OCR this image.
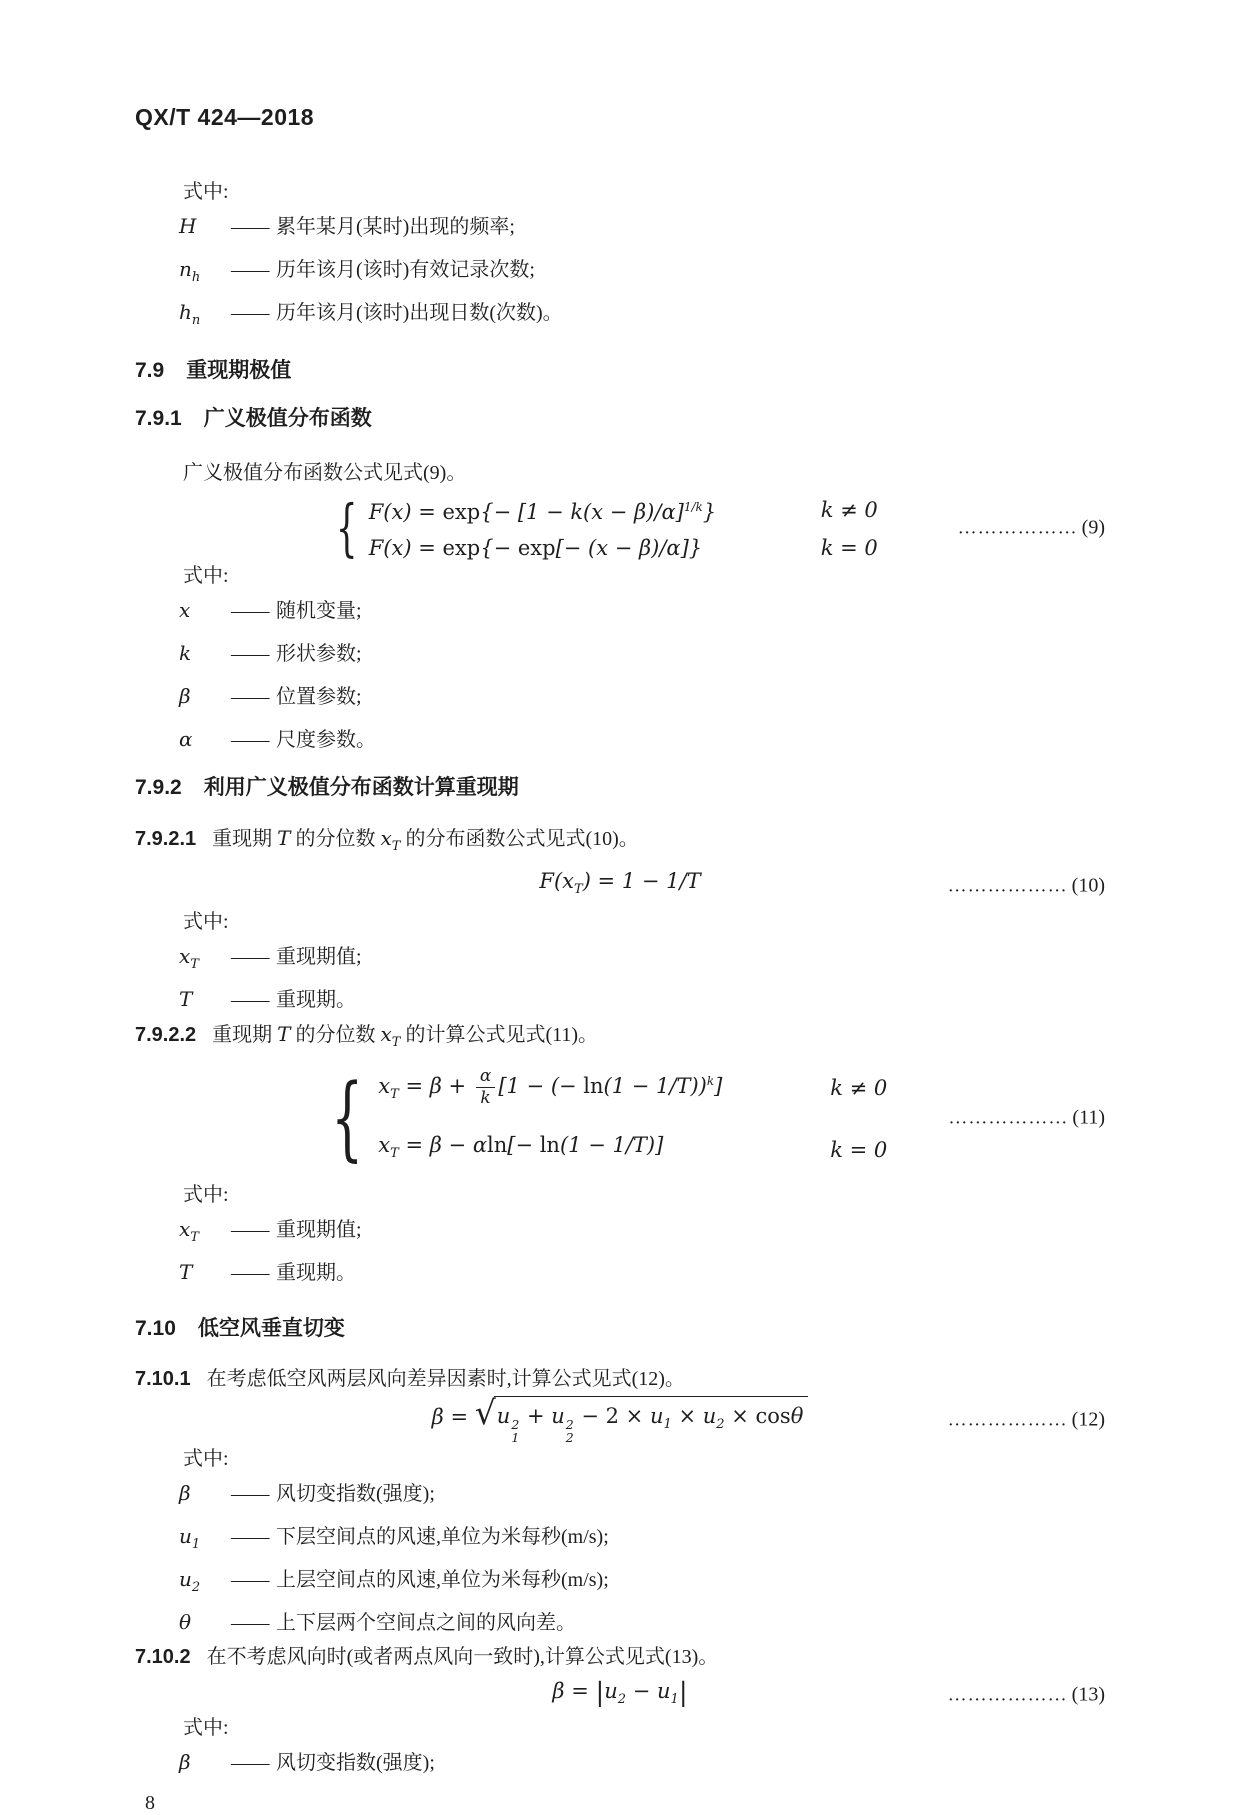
QX/T 424—2018
式中:
H	—— 累年某月(某时)出现的频率;
$n_h$	—— 历年该月(该时)有效记录次数;
$h_n$	—— 历年该月(该时)出现日数(次数)。
7.9 重现期极值
7.9.1 广义极值分布函数
广义极值分布函数公式见式(9)。
{ $F(x) = \exp\{- [1 - k(x - \beta)/\alpha]^{1/k}\}$	k ≠ 0
F(x) = exp{− exp[− (x − β)/α]}	k = 0
……………… (9)
式中:
x	—— 随机变量;
k	—— 形状参数;
β	—— 位置参数;
α	—— 尺度参数。
7.9.2 利用广义极值分布函数计算重现期
7.9.2.1 重现期 T 的分位数 $x_T$ 的分布函数公式见式(10)。
$F(x_T) = 1 - 1/T$	……………… (10)
式中:
$x_T$	—— 重现期值;
T	—— 重现期。
7.9.2.2 重现期 T 的分位数 $x_T$ 的计算公式见式(11)。
{ $x_T = \beta + \frac{\alpha}{k} [1$ − (− ln(1 − 1/T))$^k$]	k ≠ 0
$x_T = \beta - \alpha\ln[- \ln(1 - 1/T)]$	k = 0
……………… (11)
式中:
$x_T$	—— 重现期值;
T	—— 重现期。
7.10 低空风垂直切变
7.10.1 在考虑低空风两层风向差异因素时,计算公式见式(12)。
β = √ u 2
1
+ u 2
2
− $2 \times u_1 \times u_2 \times \cos\theta$	……………… (12)
式中:
β	—— 风切变指数(强度);
$u_1$	—— 下层空间点的风速,单位为米每秒(m/s);
$u_2$	—— 上层空间点的风速,单位为米每秒(m/s);
θ	—— 上下层两个空间点之间的风向差。
7.10.2 在不考虑风向时(或者两点风向一致时),计算公式见式(13)。
$\beta = |u_2 - u_1|$	……………… (13)
式中:
β	—— 风切变指数(强度);
8
